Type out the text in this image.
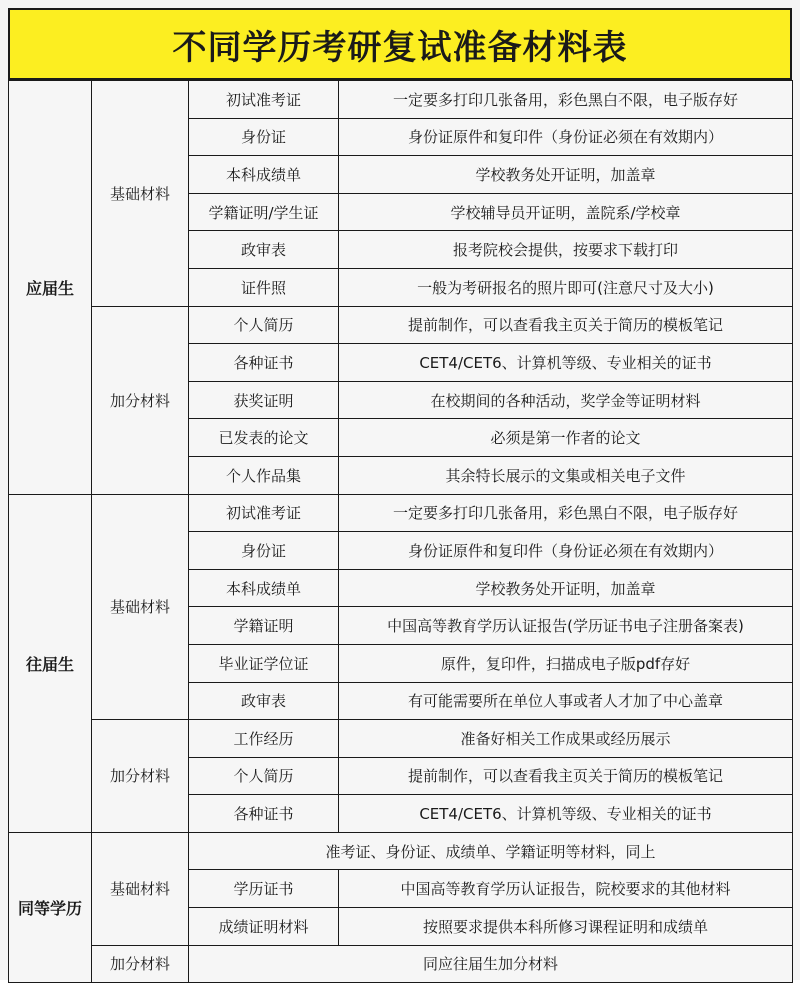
不同学历考研复试准备材料表
应届生	基础材料	初试准考证	一定要多打印几张备用，彩色黑白不限，电子版存好
		身份证	身份证原件和复印件（身份证必须在有效期内）
		本科成绩单	学校教务处开证明，加盖章
		学籍证明/学生证	学校辅导员开证明，盖院系/学校章
		政审表	报考院校会提供，按要求下载打印
		证件照	一般为考研报名的照片即可(注意尺寸及大小)
	加分材料	个人简历	提前制作，可以查看我主页关于简历的模板笔记
		各种证书	CET4/CET6、计算机等级、专业相关的证书
		获奖证明	在校期间的各种活动，奖学金等证明材料
		已发表的论文	必须是第一作者的论文
		个人作品集	其余特长展示的文集或相关电子文件
往届生	基础材料	初试准考证	一定要多打印几张备用，彩色黑白不限，电子版存好
		身份证	身份证原件和复印件（身份证必须在有效期内）
		本科成绩单	学校教务处开证明，加盖章
		学籍证明	中国高等教育学历认证报告(学历证书电子注册备案表)
		毕业证学位证	原件，复印件，扫描成电子版pdf存好
		政审表	有可能需要所在单位人事或者人才加了中心盖章
	加分材料	工作经历	准备好相关工作成果或经历展示
		个人简历	提前制作，可以查看我主页关于简历的模板笔记
		各种证书	CET4/CET6、计算机等级、专业相关的证书
同等学历	基础材料	准考证、身份证、成绩单、学籍证明等材料，同上	
		学历证书	中国高等教育学历认证报告，院校要求的其他材料
		成绩证明材料	按照要求提供本科所修习课程证明和成绩单
	加分材料	同应往届生加分材料	
